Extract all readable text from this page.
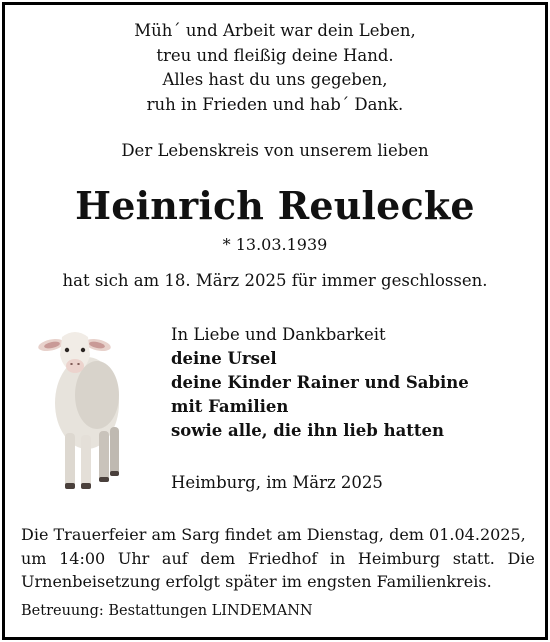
Müh´ und Arbeit war dein Leben,
treu und fleißig deine Hand.
Alles hast du uns gegeben,
ruh in Frieden und hab´ Dank.
Der Lebenskreis von unserem lieben
Heinrich Reulecke
* 13.03.1939
hat sich am 18. März 2025 für immer geschlossen.
In Liebe und Dankbarkeit
deine Ursel
deine Kinder Rainer und Sabine
mit Familien
sowie alle, die ihn lieb hatten
Heimburg, im März 2025
Die Trauerfeier am Sarg findet am Dienstag, dem 01.04.2025,
um 14:00 Uhr auf dem Friedhof in Heimburg statt. Die
Urnenbeisetzung erfolgt später im engsten Familienkreis.
Betreuung: Bestattungen LINDEMANN
